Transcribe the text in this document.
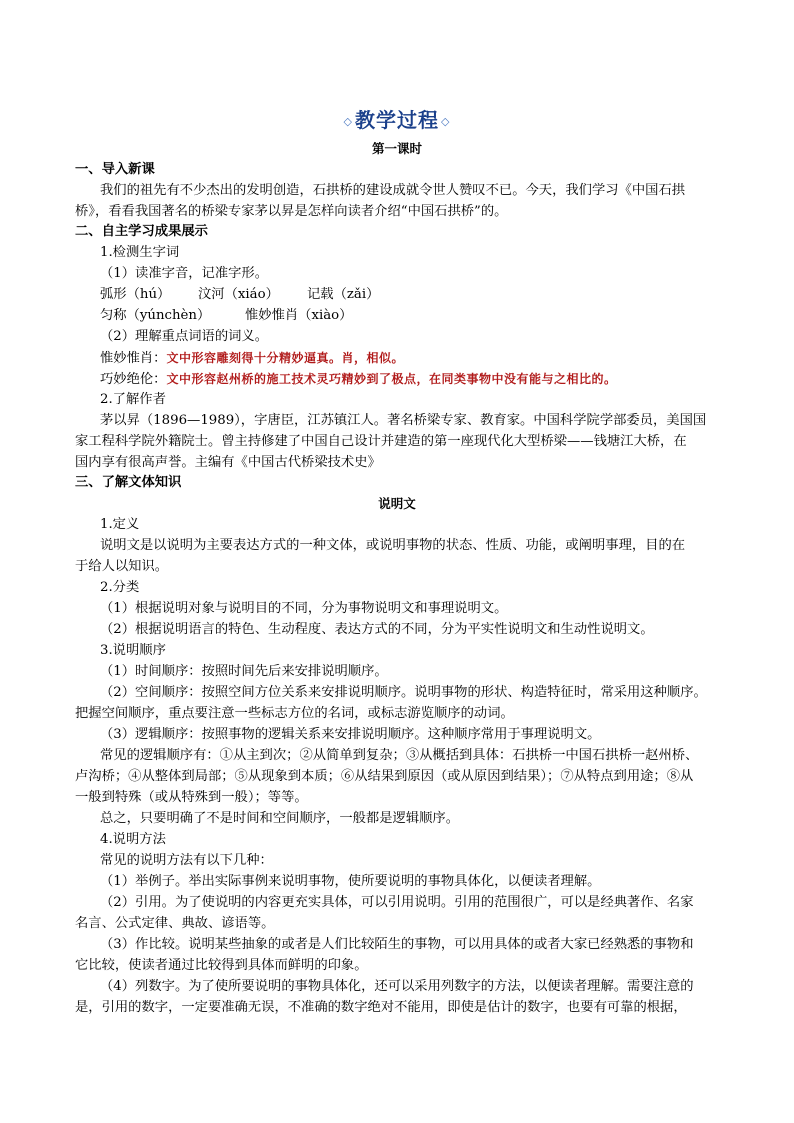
◇ 教学过程 ◇
第一课时
一、导入新课
我们的祖先有不少杰出的发明创造，石拱桥的建设成就令世人赞叹不已。今天，我们学习《中国石拱
桥》，看看我国著名的桥梁专家茅以昇是怎样向读者介绍“中国石拱桥”的。
二、自主学习成果展示
1.检测生字词
（1）读准字音，记准字形。
弧形（hú） 汶河（xiáo） 记载（zǎi）
匀称（yúnchèn）	惟妙惟肖（xiào）
（2）理解重点词语的词义。
惟妙惟肖：文中形容雕刻得十分精妙逼真。肖，相似。
巧妙绝伦：文中形容赵州桥的施工技术灵巧精妙到了极点，在同类事物中没有能与之相比的。
2.了解作者
茅以昇（1896—1989），字唐臣，江苏镇江人。著名桥梁专家、教育家。中国科学院学部委员，美国国
家工程科学院外籍院士。曾主持修建了中国自己设计并建造的第一座现代化大型桥梁——钱塘江大桥，在
国内享有很高声誉。主编有《中国古代桥梁技术史》
三、了解文体知识
说明文
1.定义
说明文是以说明为主要表达方式的一种文体，或说明事物的状态、性质、功能，或阐明事理，目的在
于给人以知识。
2.分类
（1）根据说明对象与说明目的不同，分为事物说明文和事理说明文。
（2）根据说明语言的特色、生动程度、表达方式的不同，分为平实性说明文和生动性说明文。
3.说明顺序
（1）时间顺序：按照时间先后来安排说明顺序。
（2）空间顺序：按照空间方位关系来安排说明顺序。说明事物的形状、构造特征时，常采用这种顺序。
把握空间顺序，重点要注意一些标志方位的名词，或标志游览顺序的动词。
（3）逻辑顺序：按照事物的逻辑关系来安排说明顺序。这种顺序常用于事理说明文。
常见的逻辑顺序有：①从主到次；②从简单到复杂；③从概括到具体：石拱桥一中国石拱桥一赵州桥、
卢沟桥；④从整体到局部；⑤从现象到本质；⑥从结果到原因（或从原因到结果）；⑦从特点到用途；⑧从
一般到特殊（或从特殊到一般）；等等。
总之，只要明确了不是时间和空间顺序，一般都是逻辑顺序。
4.说明方法
常见的说明方法有以下几种：
（1）举例子。举出实际事例来说明事物，使所要说明的事物具体化，以便读者理解。
（2）引用。为了使说明的内容更充实具体，可以引用说明。引用的范围很广，可以是经典著作、名家
名言、公式定律、典故、谚语等。
（3）作比较。说明某些抽象的或者是人们比较陌生的事物，可以用具体的或者大家已经熟悉的事物和
它比较，使读者通过比较得到具体而鲜明的印象。
（4）列数字。为了使所要说明的事物具体化，还可以采用列数字的方法，以便读者理解。需要注意的
是，引用的数字，一定要准确无误，不准确的数字绝对不能用，即使是估计的数字，也要有可靠的根据，
